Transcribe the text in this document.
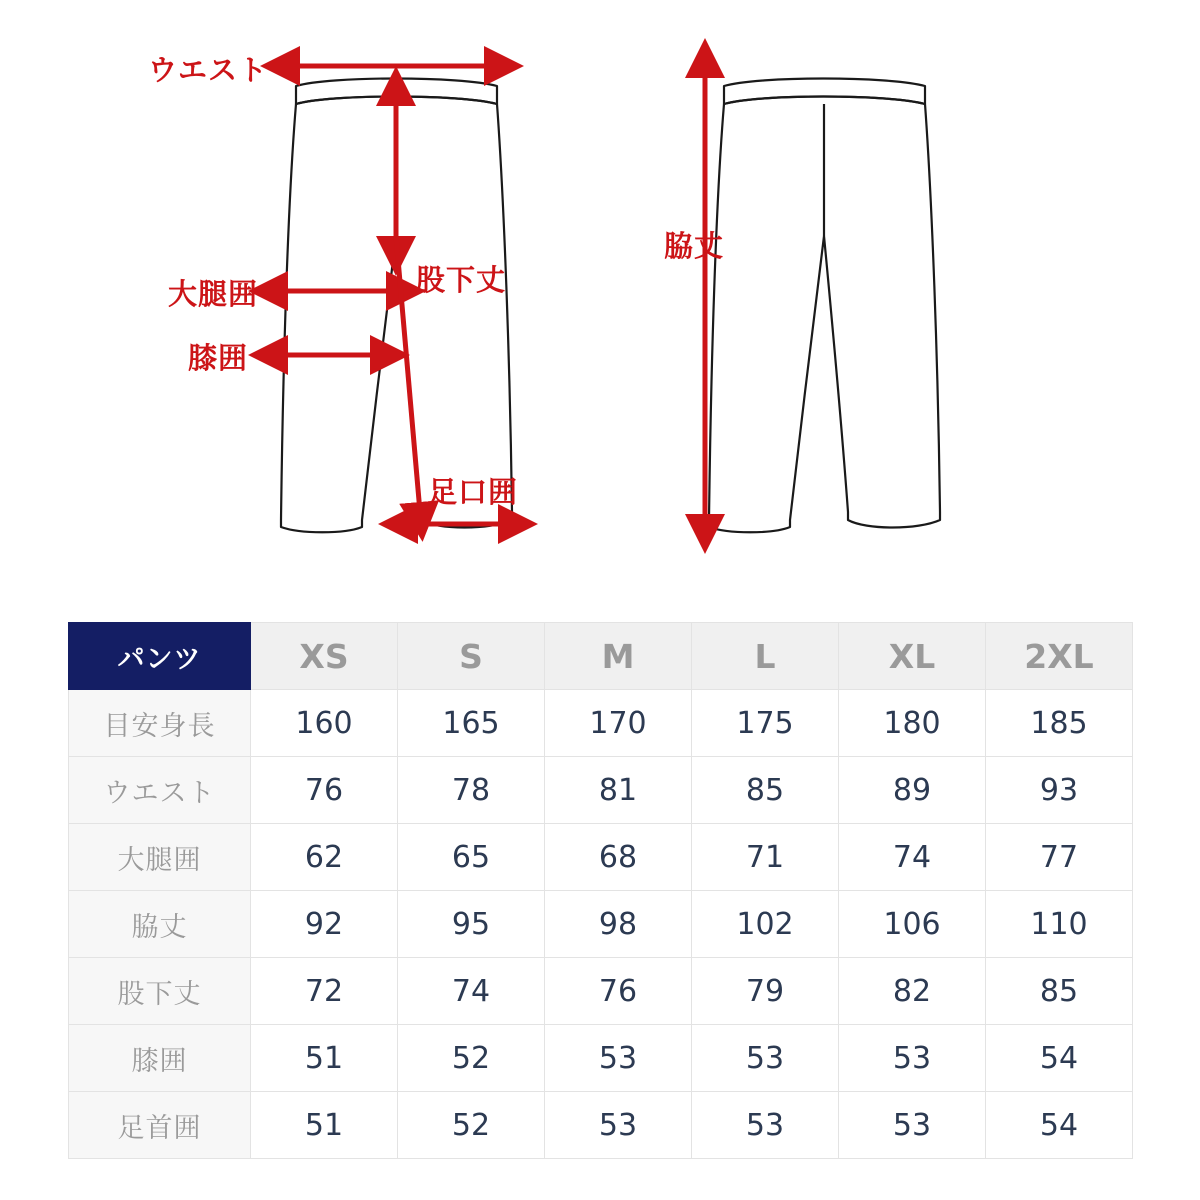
ウエスト
大腿囲
膝囲
股下丈
足口囲
脇丈
パンツ	XS	S	M	L	XL	2XL
目安身長	160	165	170	175	180	185
ウエスト	76	78	81	85	89	93
大腿囲	62	65	68	71	74	77
脇丈	92	95	98	102	106	110
股下丈	72	74	76	79	82	85
膝囲	51	52	53	53	53	54
足首囲	51	52	53	53	53	54
